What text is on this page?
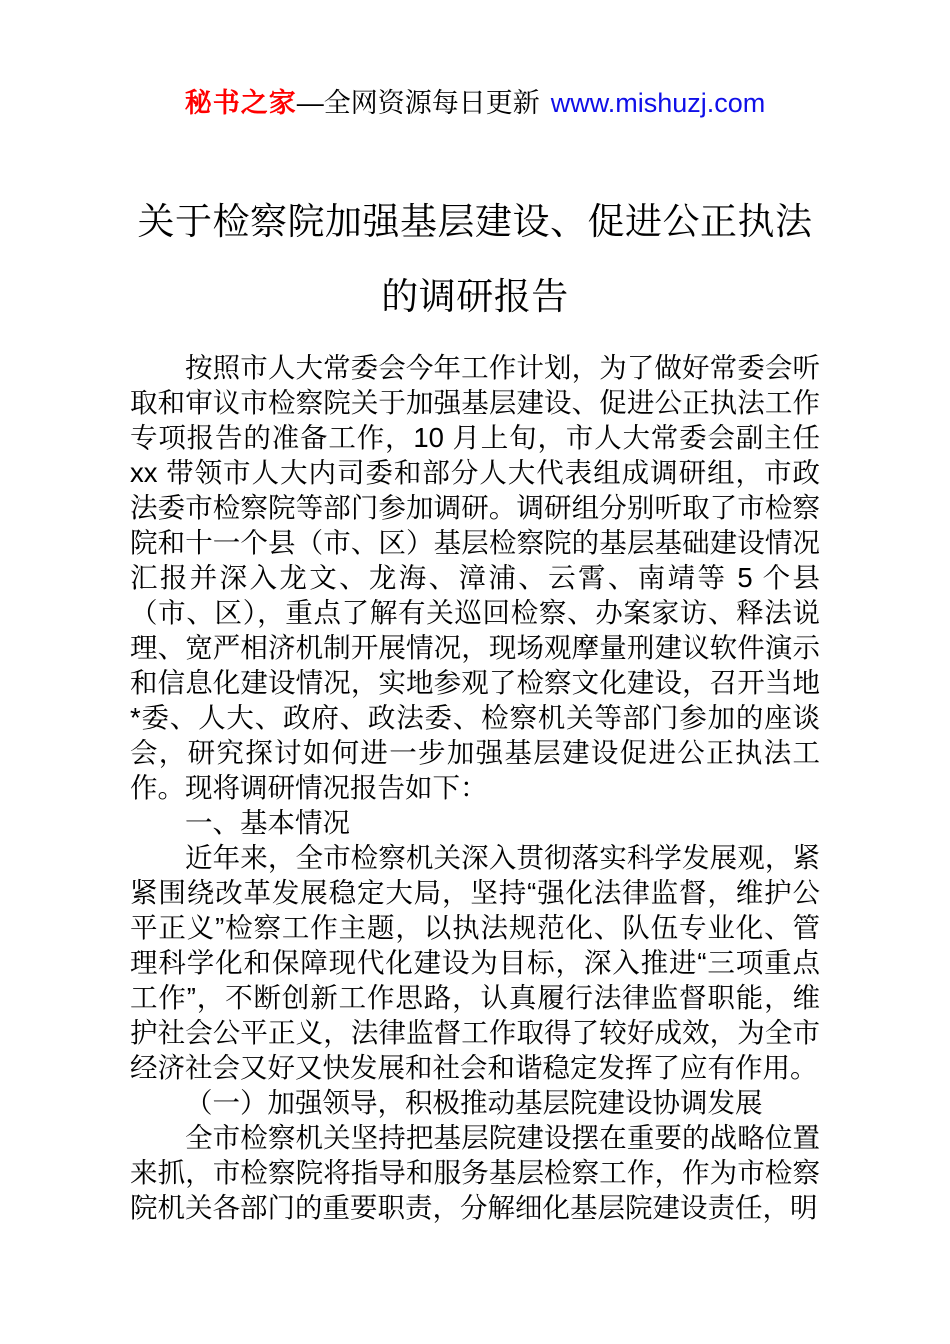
秘书之家—全网资源每日更新 www.mishuzj.com
关于检察院加强基层建设、促进公正执法
的调研报告

按照市人大常委会今年工作计划，为了做好常委会听取和审议市检察院关于加强基层建设、促进公正执法工作专项报告的准备工作，10 月上旬，市人大常委会副主任 xx 带领市人大内司委和部分人大代表组成调研组，市政法委市检察院等部门参加调研。调研组分别听取了市检察院和十一个县（市、区）基层检察院的基层基础建设情况汇报并深入龙文、龙海、漳浦、云霄、南靖等 5 个县（市、区），重点了解有关巡回检察、办案家访、释法说理、宽严相济机制开展情况，现场观摩量刑建议软件演示和信息化建设情况，实地参观了检察文化建设，召开当地*委、人大、政府、政法委、检察机关等部门参加的座谈会，研究探讨如何进一步加强基层建设促进公正执法工作。现将调研情况报告如下：

一、基本情况

近年来，全市检察机关深入贯彻落实科学发展观，紧紧围绕改革发展稳定大局，坚持“强化法律监督，维护公平正义”检察工作主题，以执法规范化、队伍专业化、管理科学化和保障现代化建设为目标，深入推进“三项重点工作”，不断创新工作思路，认真履行法律监督职能，维护社会公平正义，法律监督工作取得了较好成效，为全市经济社会又好又快发展和社会和谐稳定发挥了应有作用。

（一）加强领导，积极推动基层院建设协调发展

全市检察机关坚持把基层院建设摆在重要的战略位置来抓，市检察院将指导和服务基层检察工作，作为市检察院机关各部门的重要职责，分解细化基层院建设责任，明
